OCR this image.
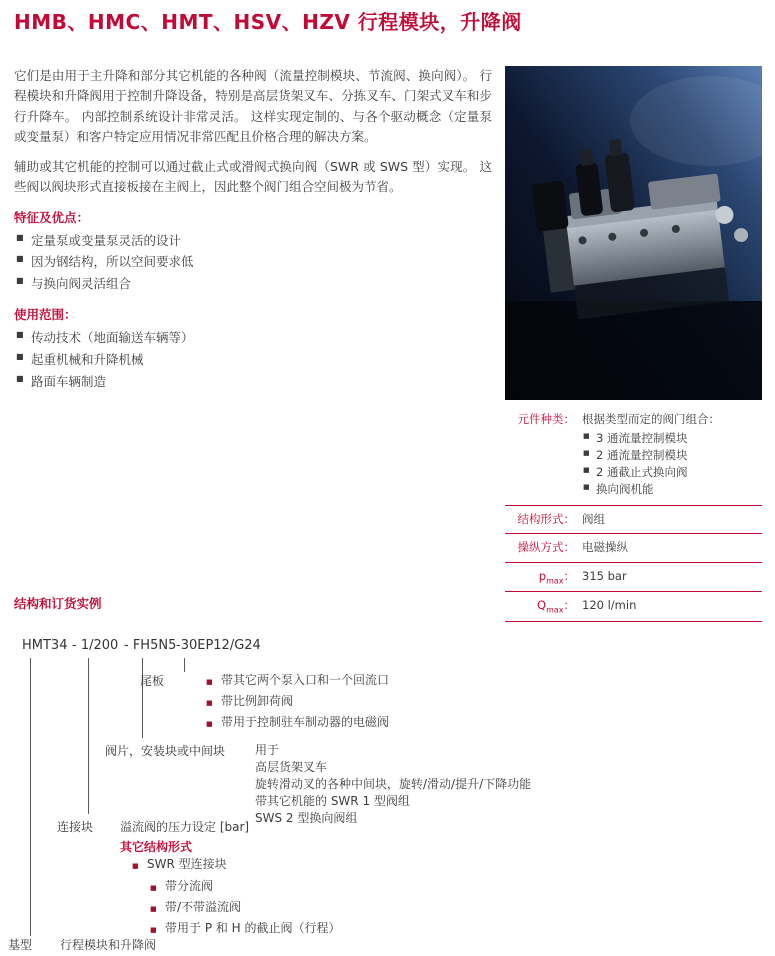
HMB、HMC、HMT、HSV、HZV 行程模块，升降阀

它们是由用于主升降和部分其它机能的各种阀（流量控制模块、节流阀、换向阀）。 行程模块和升降阀用于控制升降设备，特别是高层货架叉车、分拣叉车、门架式叉车和步行升降车。 内部控制系统设计非常灵活。 这样实现定制的、与各个驱动概念（定量泵或变量泵）和客户特定应用情况非常匹配且价格合理的解决方案。

辅助或其它机能的控制可以通过截止式或滑阀式换向阀（SWR 或 SWS 型）实现。 这些阀以阀块形式直接板接在主阀上，因此整个阀门组合空间极为节省。

特征及优点：
■ 定量泵或变量泵灵活的设计
■ 因为钢结构，所以空间要求低
■ 与换向阀灵活组合
使用范围：
■ 传动技术（地面输送车辆等）
■ 起重机械和升降机械
■ 路面车辆制造
元件种类： 根据类型而定的阀门组合：
■ 3 通流量控制模块
■ 2 通流量控制模块
■ 2 通截止式换向阀
■ 换向阀机能
结构形式： 阀组
操纵方式： 电磁操纵
$p_{max}$： 315 bar
$Q_{max}$： 120 l/min
结构和订货实例
HMT34 - 1/200 - FH5N5 -30EP12/G24
尾板	■ 带其它两个泵入口和一个回流口
■ 带比例卸荷阀
■ 带用于控制驻车制动器的电磁阀
阀片，安装块或中间块 用于
高层货架叉车
旋转滑动叉的各种中间块，旋转/滑动/提升/下降功能
带其它机能的 SWR 1 型阀组
SWS 2 型换向阀组
连接块 溢流阀的压力设定 [bar]
其它结构形式
■ SWR 型连接块
■ 带分流阀
■ 带/不带溢流阀
■ 带用于 P 和 H 的截止阀（行程）
基型 行程模块和升降阀
